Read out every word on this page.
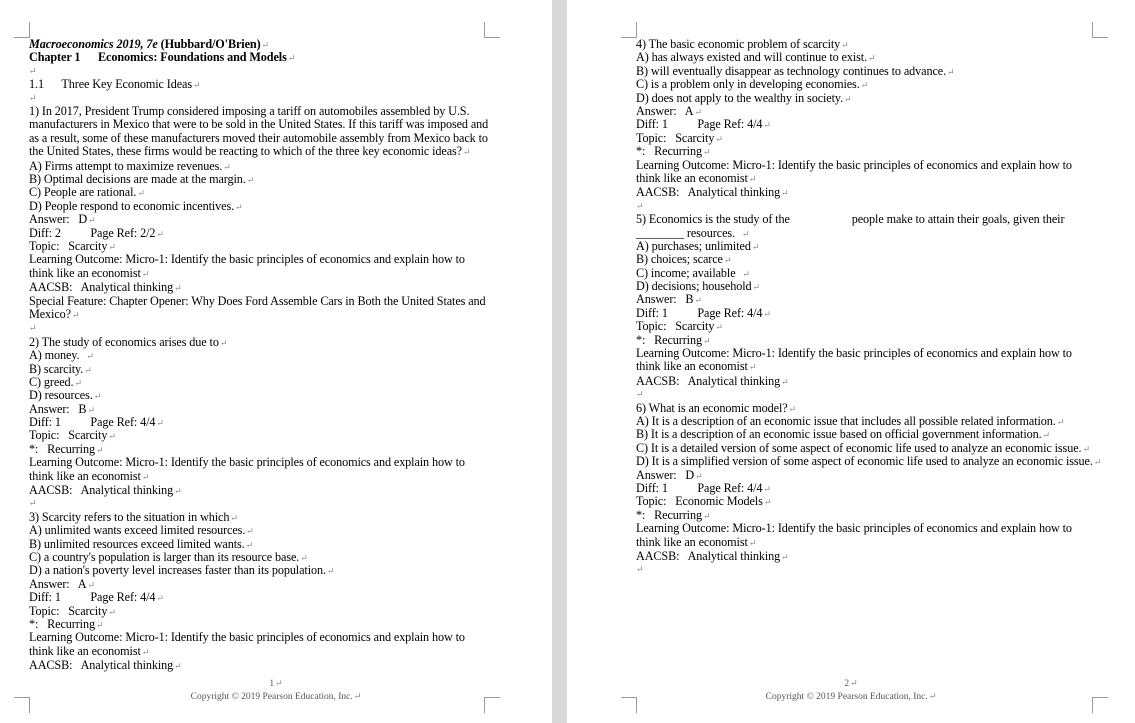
Macroeconomics 2019, 7e (Hubbard/O'Brien)↵
Chapter 1      Economics: Foundations and Models↵
↵
1.1      Three Key Economic Ideas↵
↵
1) In 2017, President Trump considered imposing a tariff on automobiles assembled by U.S. manufacturers in Mexico that were to be sold in the United States. If this tariff was imposed and as a result, some of these manufacturers moved their automobile assembly from Mexico back to the United States, these firms would be reacting to which of the three key economic ideas?↵
A) Firms attempt to maximize revenues.↵
B) Optimal decisions are made at the margin.↵
C) People are rational.↵
D) People respond to economic incentives.↵
Answer:   D↵
Diff: 2          Page Ref: 2/2↵
Topic:   Scarcity↵
Learning Outcome: Micro-1: Identify the basic principles of economics and explain how to think like an economist↵
AACSB:   Analytical thinking↵
Special Feature: Chapter Opener: Why Does Ford Assemble Cars in Both the United States and Mexico?↵
↵
2) The study of economics arises due to↵
A) money.  ↵
B) scarcity.↵
C) greed.↵
D) resources.↵
Answer:   B↵
Diff: 1          Page Ref: 4/4↵
Topic:   Scarcity↵
*:   Recurring↵
Learning Outcome: Micro-1: Identify the basic principles of economics and explain how to think like an economist↵
AACSB:   Analytical thinking↵
↵
3) Scarcity refers to the situation in which↵
A) unlimited wants exceed limited resources.↵
B) unlimited resources exceed limited wants.↵
C) a country's population is larger than its resource base.↵
D) a nation's poverty level increases faster than its population.↵
Answer:   A↵
Diff: 1          Page Ref: 4/4↵
Topic:   Scarcity↵
*:   Recurring↵
Learning Outcome: Micro-1: Identify the basic principles of economics and explain how to think like an economist↵
AACSB:   Analytical thinking↵
1↵
Copyright © 2019 Pearson Education, Inc.↵
4) The basic economic problem of scarcity↵
A) has always existed and will continue to exist.↵
B) will eventually disappear as technology continues to advance.↵
C) is a problem only in developing economies.↵
D) does not apply to the wealthy in society.↵
Answer:   A↵
Diff: 1          Page Ref: 4/4↵
Topic:   Scarcity↵
*:   Recurring↵
Learning Outcome: Micro-1: Identify the basic principles of economics and explain how to think like an economist↵
AACSB:   Analytical thinking↵
↵
5) Economics is the study of the                     people make to attain their goals, given their
________ resources.  ↵
A) purchases; unlimited↵
B) choices; scarce↵
C) income; available  ↵
D) decisions; household↵
Answer:   B↵
Diff: 1          Page Ref: 4/4↵
Topic:   Scarcity↵
*:   Recurring↵
Learning Outcome: Micro-1: Identify the basic principles of economics and explain how to think like an economist↵
AACSB:   Analytical thinking↵
↵
6) What is an economic model?↵
A) It is a description of an economic issue that includes all possible related information.↵
B) It is a description of an economic issue based on official government information.↵
C) It is a detailed version of some aspect of economic life used to analyze an economic issue.↵
D) It is a simplified version of some aspect of economic life used to analyze an economic issue.↵
Answer:   D↵
Diff: 1          Page Ref: 4/4↵
Topic:   Economic Models↵
*:   Recurring↵
Learning Outcome: Micro-1: Identify the basic principles of economics and explain how to think like an economist↵
AACSB:   Analytical thinking↵
↵
2↵
Copyright © 2019 Pearson Education, Inc.↵
